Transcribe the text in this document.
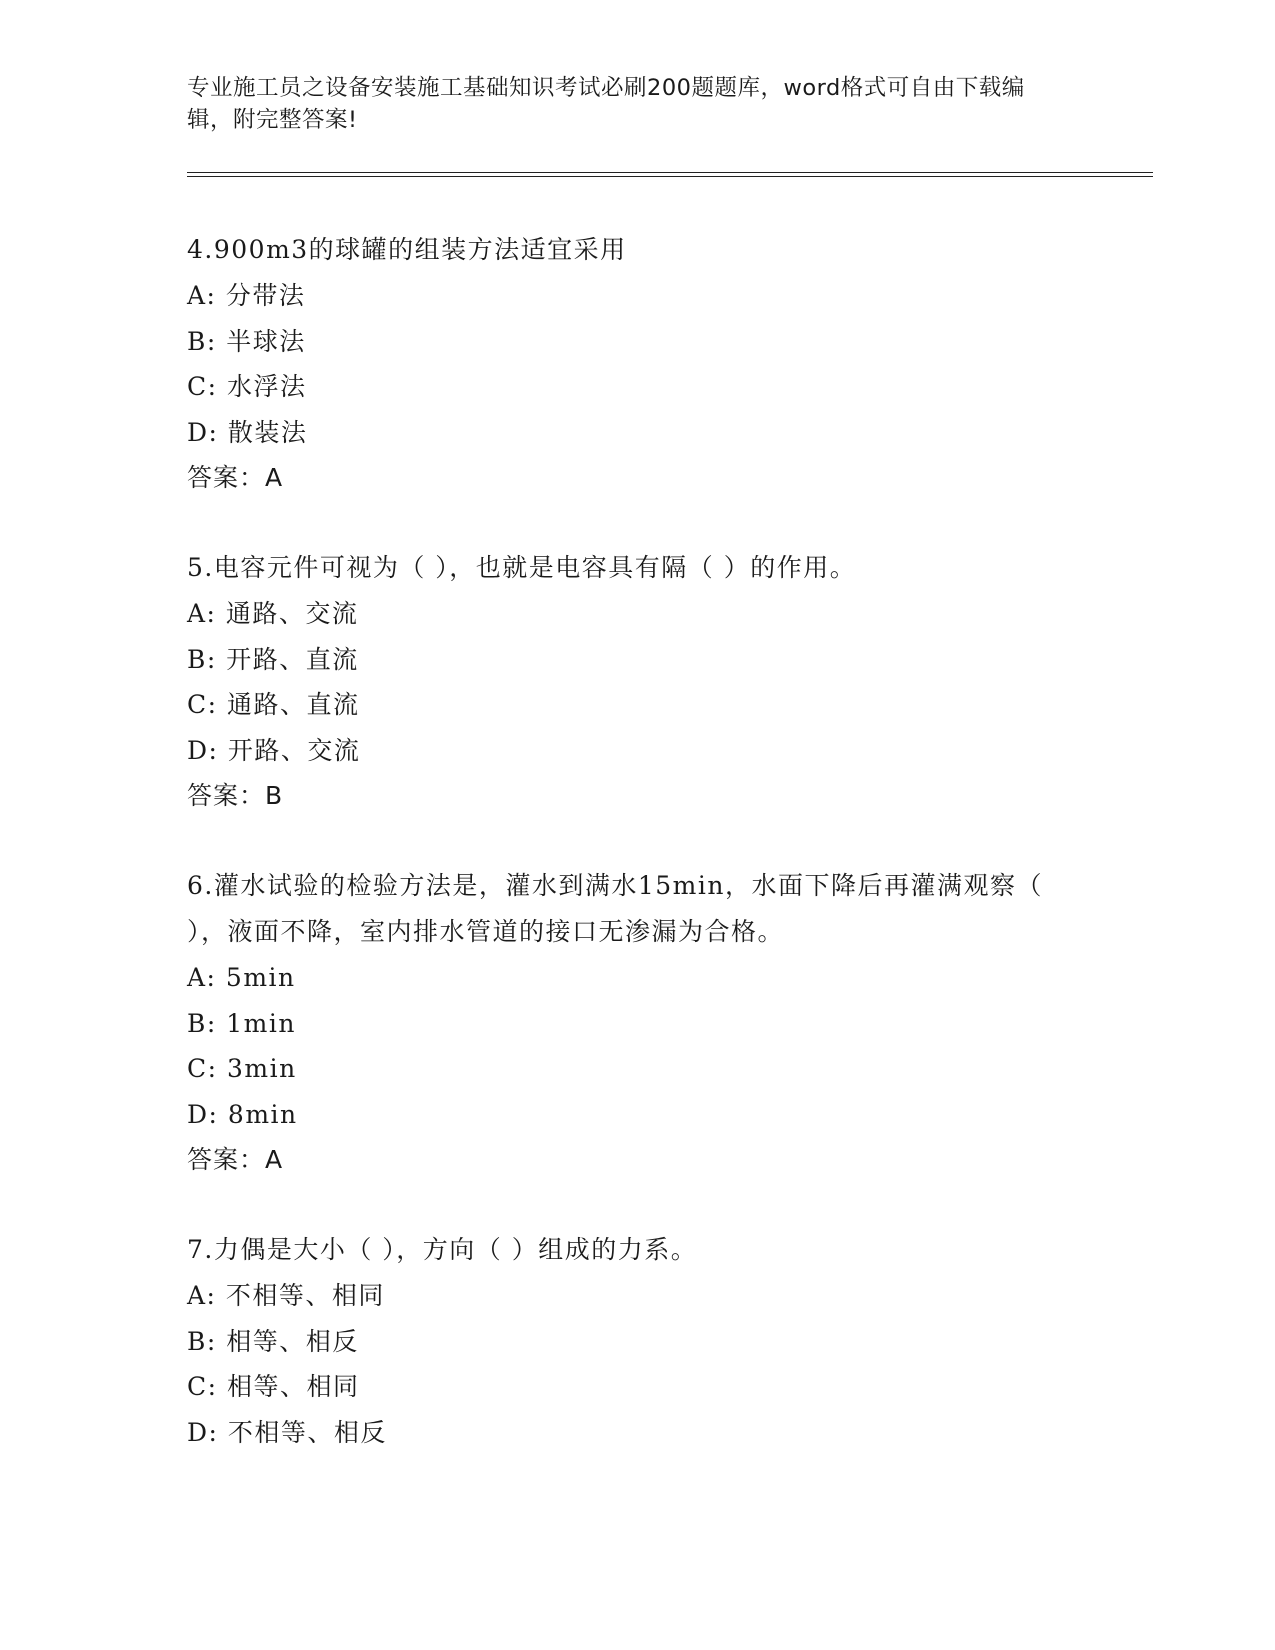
专业施工员之设备安装施工基础知识考试必刷200题题库，word格式可自由下载编辑，附完整答案!

4.900m3的球罐的组装方法适宜采用

A: 分带法

B: 半球法

C: 水浮法

D: 散装法

答案：A

5.电容元件可视为（ ），也就是电容具有隔（ ）的作用。

A: 通路、交流

B: 开路、直流

C: 通路、直流

D: 开路、交流

答案：B

6.灌水试验的检验方法是，灌水到满水15min，水面下降后再灌满观察（ ），液面不降，室内排水管道的接口无渗漏为合格。

A: 5min

B: 1min

C: 3min

D: 8min

答案：A

7.力偶是大小（ ），方向（ ）组成的力系。

A: 不相等、相同

B: 相等、相反

C: 相等、相同

D: 不相等、相反
